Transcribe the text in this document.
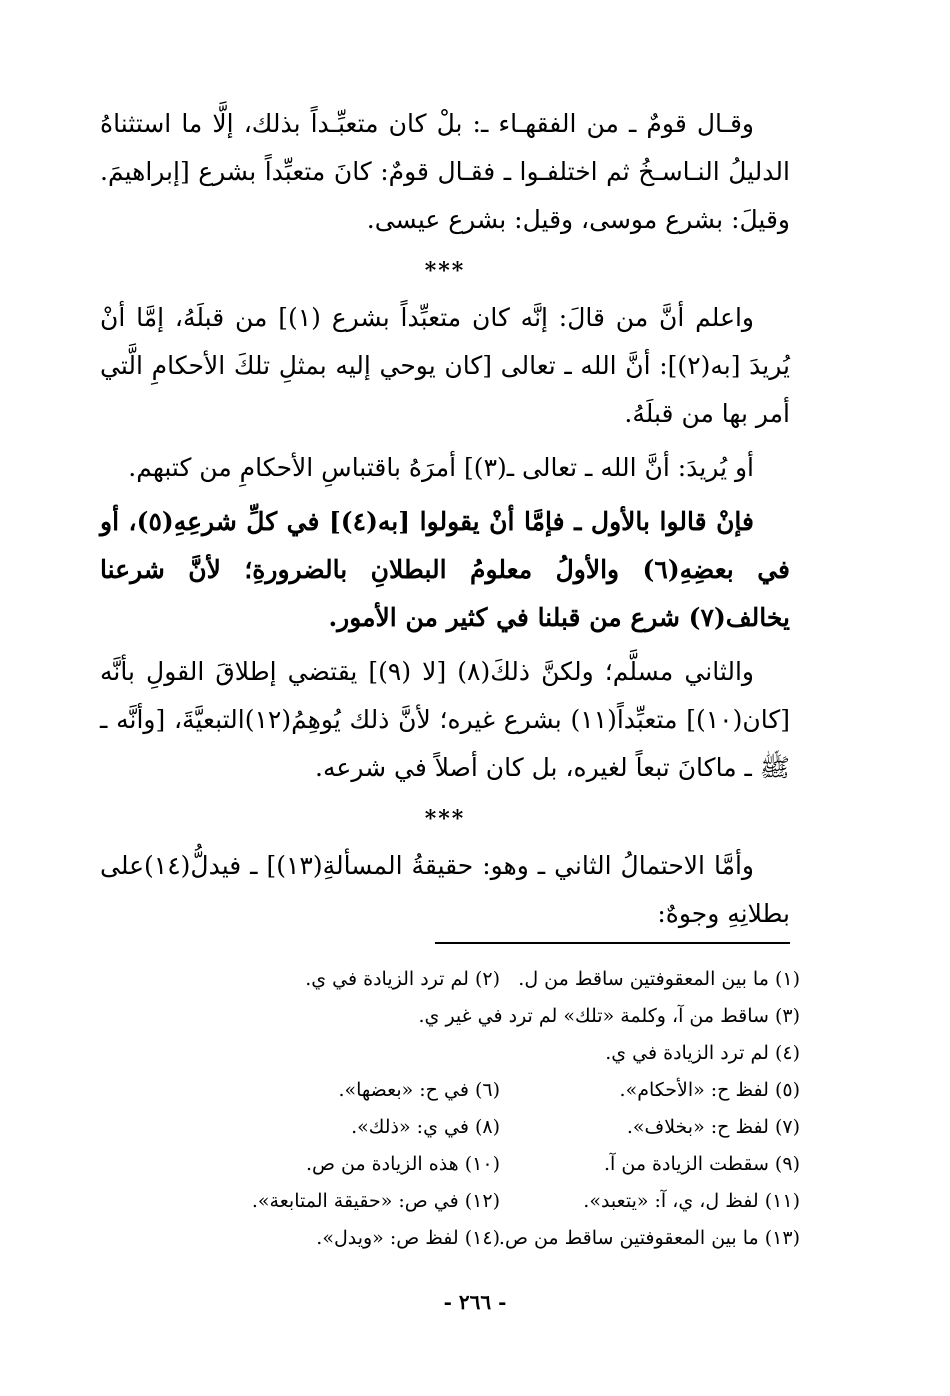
وقـال قومٌ ـ من الفقهـاء ـ: بلْ كان متعبِّـداً بذلك، إلَّا ما استثناهُ الدليلُ النـاسـخُ ثم اختلفـوا ـ فقـال قومٌ: كانَ متعبِّداً بشرع [إبراهيمَ. وقيلَ: بشرع موسى، وقيل: بشرع عيسى.

***

واعلم أنَّ من قالَ: إنَّه كان متعبِّداً بشرع (١)] من قبلَهُ، إمَّا أنْ يُريدَ [به(٢)]: أنَّ الله ـ تعالى [كان يوحي إليه بمثلِ تلكَ الأحكامِ الَّتي أمر بها من قبلَهُ.

أو يُريدَ: أنَّ الله ـ تعالى ـ(٣)] أمرَهُ باقتباسِ الأحكامِ من كتبهم.

فإنْ قالوا بالأول ـ فإمَّا أنْ يقولوا [به(٤)] في كلِّ شرعِهِ(٥)، أو في بعضِهِ(٦) والأولُ معلومُ البطلانِ بالضرورةِ؛ لأنَّ شرعنا يخالف(٧) شرع من قبلنا في كثير من الأمور.

والثاني مسلَّم؛ ولكنَّ ذلكَ(٨) [لا (٩)] يقتضي إطلاقَ القولِ بأنَّه [كان(١٠)] متعبِّداً(١١) بشرع غيره؛ لأنَّ ذلك يُوهِمُ(١٢)التبعيَّةَ، [وأنَّه ـ ﷺ ـ ماكانَ تبعاً لغيره، بل كان أصلاً في شرعه.

***

وأمَّا الاحتمالُ الثاني ـ وهو: حقيقةُ المسألةِ(١٣)] ـ فيدلُّ(١٤)على بطلانِهِ وجوهٌ:

(١) ما بين المعقوفتين ساقط من ل.
(٢) لم ترد الزيادة في ي.
(٣) ساقط من آ، وكلمة «تلك» لم ترد في غير ي.
(٤) لم ترد الزيادة في ي.
(٥) لفظ ح: «الأحكام».
(٦) في ح: «بعضها».
(٧) لفظ ح: «بخلاف».
(٨) في ي: «ذلك».
(٩) سقطت الزيادة من آ.
(١٠) هذه الزيادة من ص.
(١١) لفظ ل، ي، آ: «يتعبد».
(١٢) في ص: «حقيقة المتابعة».
(١٣) ما بين المعقوفتين ساقط من ص.
(١٤) لفظ ص: «ويدل».
- ٢٦٦ -
